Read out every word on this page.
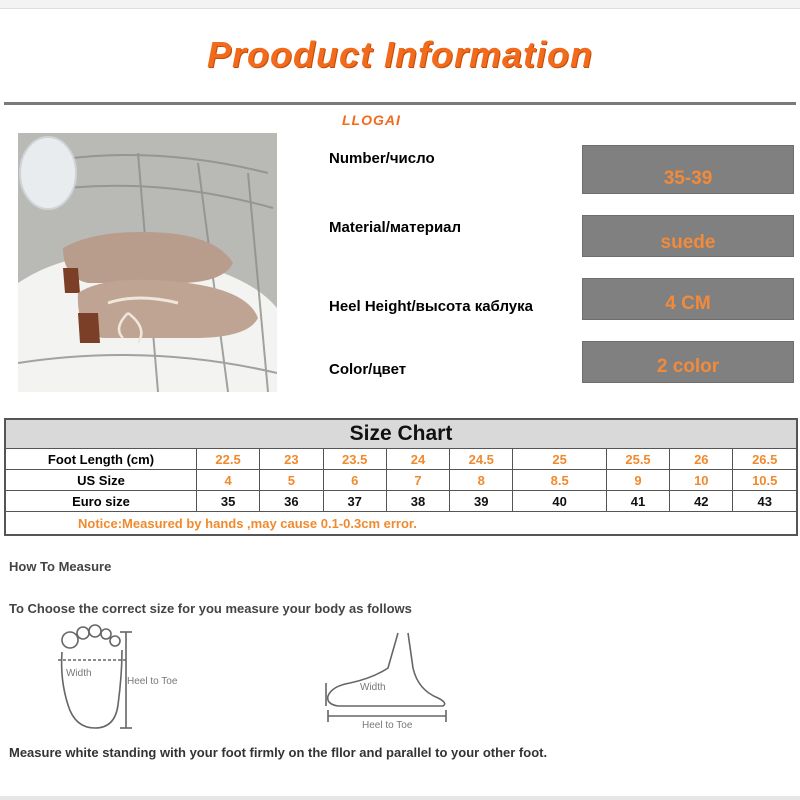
Prooduct Information
LLOGAI
Number/число
35-39
Material/материал
suede
Heel Height/высота каблука	4 CM
Color/цвет	2 color
Size Chart									
Foot Length (cm)	22.5	23	23.5	24	24.5	25	25.5	26	26.5
US Size	4	5	6	7	8	8.5	9	10	10.5
Euro size	35	36	37	38	39	40	41	42	43
Notice:Measured by hands ,may cause 0.1-0.3cm error.									
How To Measure
To Choose the correct size for you measure your body as follows
Width
Heel to Toe
Width
Heel to Toe
Measure white standing with your foot firmly on the fllor and parallel to your other foot.
